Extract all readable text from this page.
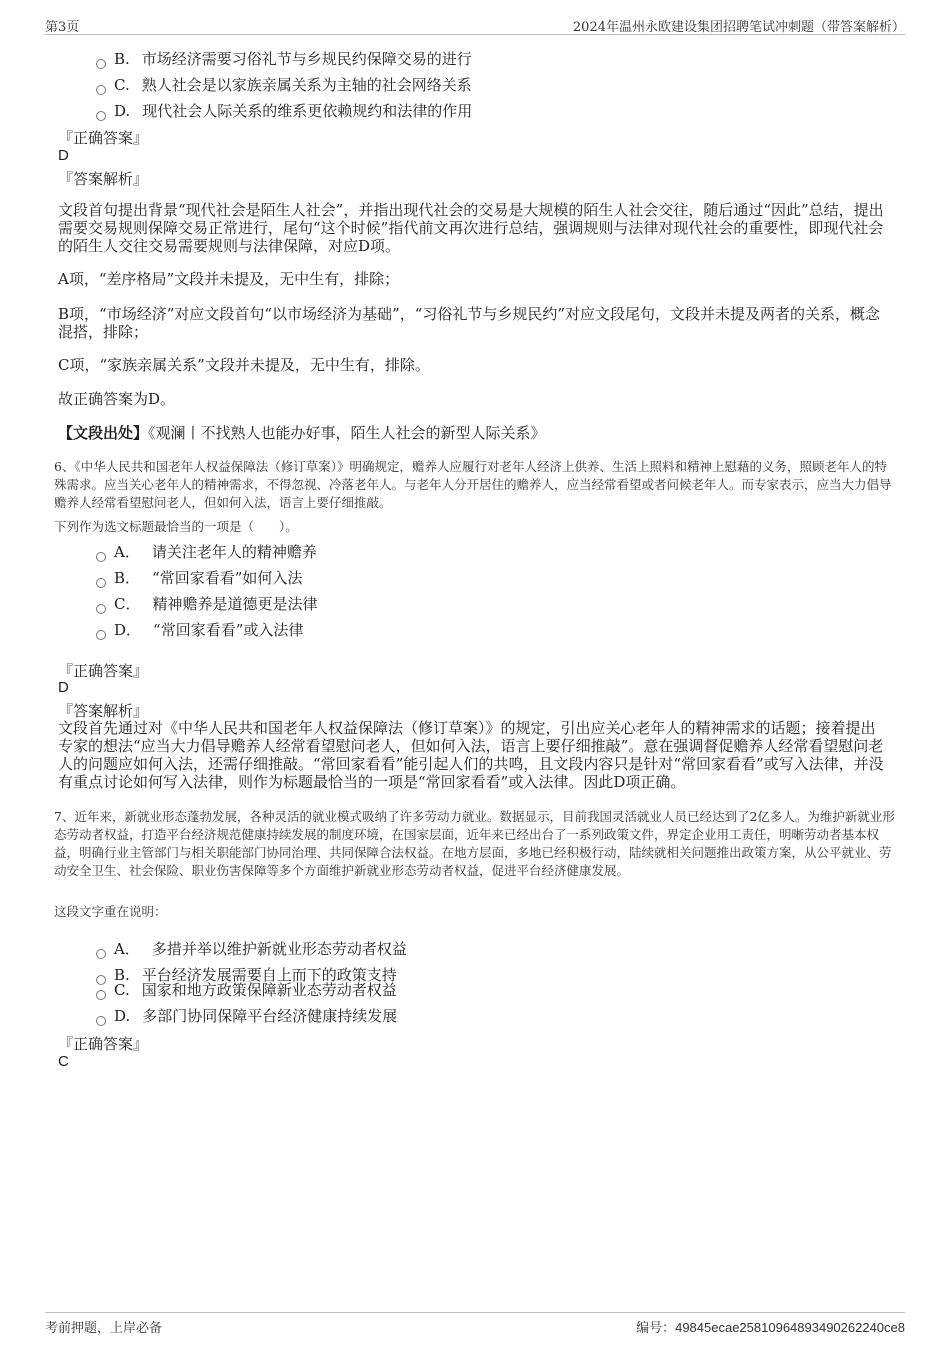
第3页	2024年温州永欧建设集团招聘笔试冲刺题（带答案解析）
B. 市场经济需要习俗礼节与乡规民约保障交易的进行
C. 熟人社会是以家族亲属关系为主轴的社会网络关系
D. 现代社会人际关系的维系更依赖规约和法律的作用
『正确答案』
D
『答案解析』
文段首句提出背景“现代社会是陌生人社会”，并指出现代社会的交易是大规模的陌生人社会交往，随后通过“因此”总结，提出需要交易规则保障交易正常进行，尾句“这个时候”指代前文再次进行总结，强调规则与法律对现代社会的重要性，即现代社会的陌生人交往交易需要规则与法律保障，对应D项。
A项，“差序格局”文段并未提及，无中生有，排除；
B项，“市场经济”对应文段首句“以市场经济为基础”，“习俗礼节与乡规民约”对应文段尾句，文段并未提及两者的关系，概念混搭，排除；
C项，“家族亲属关系”文段并未提及，无中生有，排除。
故正确答案为D。
【文段出处】《观澜丨不找熟人也能办好事，陌生人社会的新型人际关系》
6、《中华人民共和国老年人权益保障法（修订草案）》明确规定，赡养人应履行对老年人经济上供养、生活上照料和精神上慰藉的义务，照顾老年人的特殊需求。应当关心老年人的精神需求，不得忽视、冷落老年人。与老年人分开居住的赡养人，应当经常看望或者问候老年人。而专家表示，应当大力倡导赡养人经常看望慰问老人，但如何入法，语言上要仔细推敲。
下列作为选文标题最恰当的一项是（　　）。
A． 请关注老年人的精神赡养
B． “常回家看看”如何入法
C． 精神赡养是道德更是法律
D． “常回家看看”或入法律
『正确答案』
D
『答案解析』
文段首先通过对《中华人民共和国老年人权益保障法（修订草案）》的规定，引出应关心老年人的精神需求的话题；接着提出专家的想法“应当大力倡导赡养人经常看望慰问老人，但如何入法，语言上要仔细推敲”。意在强调督促赡养人经常看望慰问老人的问题应如何入法，还需仔细推敲。“常回家看看”能引起人们的共鸣，且文段内容只是针对“常回家看看”或写入法律，并没有重点讨论如何写入法律，则作为标题最恰当的一项是“常回家看看”或入法律。因此D项正确。
7、近年来，新就业形态蓬勃发展，各种灵活的就业模式吸纳了许多劳动力就业。数据显示，目前我国灵活就业人员已经达到了2亿多人。为维护新就业形态劳动者权益，打造平台经济规范健康持续发展的制度环境，在国家层面，近年来已经出台了一系列政策文件，界定企业用工责任，明晰劳动者基本权益，明确行业主管部门与相关职能部门协同治理、共同保障合法权益。在地方层面，多地已经积极行动，陆续就相关问题推出政策方案，从公平就业、劳动安全卫生、社会保险、职业伤害保障等多个方面维护新就业形态劳动者权益，促进平台经济健康发展。
这段文字重在说明：
A． 多措并举以维护新就业形态劳动者权益
B. 平台经济发展需要自上而下的政策支持
C. 国家和地方政策保障新业态劳动者权益
D. 多部门协同保障平台经济健康持续发展
『正确答案』
C
考前押题，上岸必备	编号：49845ecae25810964893490262240ce8
